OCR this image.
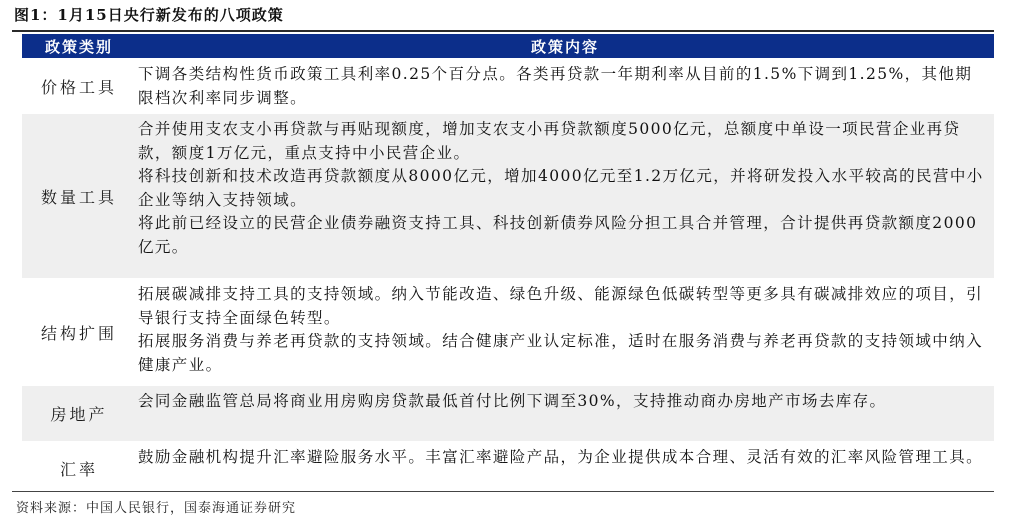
图1：1月15日央行新发布的八项政策
政策类别	政策内容
价格工具
下调各类结构性货币政策工具利率0.25个百分点。各类再贷款一年期利率从目前的1.5%下调到1.25%，其他期限档次利率同步调整。
数量工具
合并使用支农支小再贷款与再贴现额度，增加支农支小再贷款额度5000亿元，总额度中单设一项民营企业再贷款，额度1万亿元，重点支持中小民营企业。
将科技创新和技术改造再贷款额度从8000亿元，增加4000亿元至1.2万亿元，并将研发投入水平较高的民营中小企业等纳入支持领域。
将此前已经设立的民营企业债券融资支持工具、科技创新债券风险分担工具合并管理，合计提供再贷款额度2000亿元。
结构扩围
拓展碳减排支持工具的支持领域。纳入节能改造、绿色升级、能源绿色低碳转型等更多具有碳减排效应的项目，引导银行支持全面绿色转型。
拓展服务消费与养老再贷款的支持领域。结合健康产业认定标准，适时在服务消费与养老再贷款的支持领域中纳入健康产业。
房地产
会同金融监管总局将商业用房购房贷款最低首付比例下调至30%，支持推动商办房地产市场去库存。
汇率
鼓励金融机构提升汇率避险服务水平。丰富汇率避险产品，为企业提供成本合理、灵活有效的汇率风险管理工具。
资料来源：中国人民银行，国泰海通证券研究
